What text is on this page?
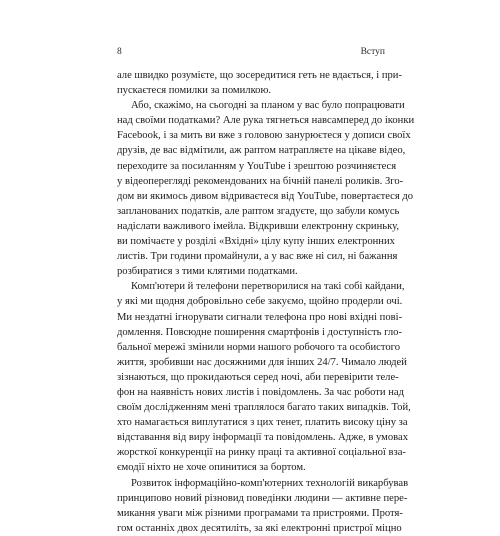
8	Вступ
але швидко розумієте, що зосередитися геть не вдається, і при-
пускаєтеся помилки за помилкою.
Або, скажімо, на сьогодні за планом у вас було попрацювати
над своїми податками? Але рука тягнеться навсамперед до іконки
Facebook, і за мить ви вже з головою занурюєтеся у дописи своїх
друзів, де вас відмітили, аж раптом натрапляєте на цікаве відео,
переходите за посиланням у YouTube і зрештою розчиняєтеся
у відеоперегляді рекомендованих на бічній панелі роликів. Зго-
дом ви якимось дивом відриваєтеся від YouTube, повертаєтеся до
запланованих податків, але раптом згадуєте, що забули комусь
надіслати важливого імейла. Відкривши електронну скриньку,
ви помічаєте у розділі «Вхідні» цілу купу інших електронних
листів. Три години промайнули, а у вас вже ні сил, ні бажання
розбиратися з тими клятими податками.
Комп'ютери й телефони перетворилися на такі собі кайдани,
у які ми щодня добровільно себе закуємо, щойно продерли очі.
Ми нездатні ігнорувати сигнали телефона про нові вхідні пові-
домлення. Повсюдне поширення смартфонів і доступність гло-
бальної мережі змінили норми нашого робочого та особистого
життя, зробивши нас досяжними для інших 24/7. Чимало людей
зізнаються, що прокидаються серед ночі, аби перевірити теле-
фон на наявність нових листів і повідомлень. За час роботи над
своїм дослідженням мені траплялося багато таких випадків. Той,
хто намагається виплутатися з цих тенет, платить високу ціну за
відставання від виру інформації та повідомлень. Адже, в умовах
жорсткої конкуренції на ринку праці та активної соціальної вза-
ємодії ніхто не хоче опинитися за бортом.
Розвиток інформаційно-комп'ютерних технологій викарбував
принципово новий різновид поведінки людини — активне пере-
микання уваги між різними програмами та пристроями. Протя-
гом останніх двох десятиліть, за які електронні пристрої міцно
